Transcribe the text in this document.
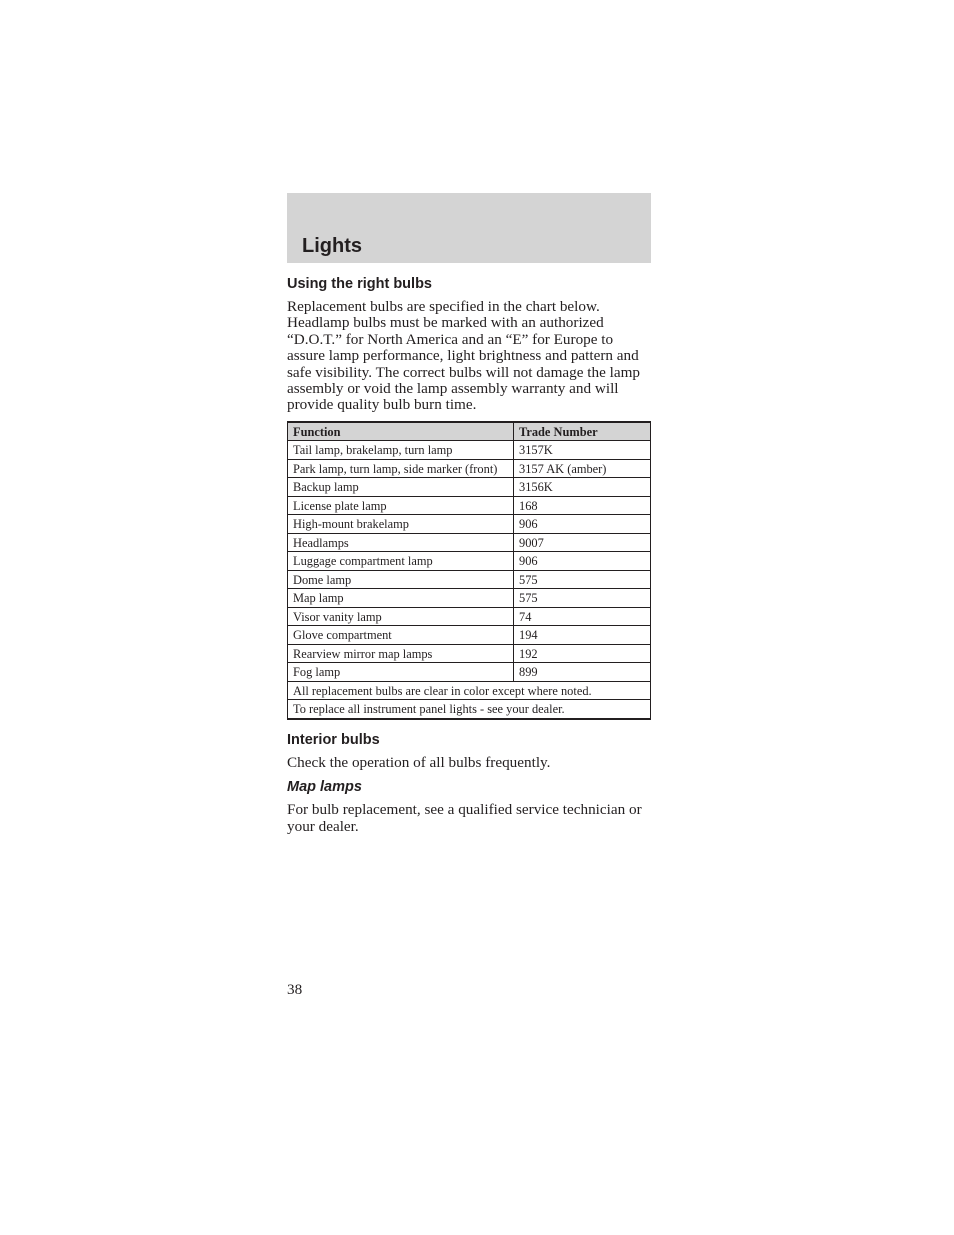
Lights
Using the right bulbs

Replacement bulbs are specified in the chart below. Headlamp bulbs must be marked with an authorized “D.O.T.” for North America and an “E” for Europe to assure lamp performance, light brightness and pattern and safe visibility. The correct bulbs will not damage the lamp assembly or void the lamp assembly warranty and will provide quality bulb burn time.

Function	Trade Number
Tail lamp, brakelamp, turn lamp	3157K
Park lamp, turn lamp, side marker (front)	3157 AK (amber)
Backup lamp	3156K
License plate lamp	168
High-mount brakelamp	906
Headlamps	9007
Luggage compartment lamp	906
Dome lamp	575
Map lamp	575
Visor vanity lamp	74
Glove compartment	194
Rearview mirror map lamps	192
Fog lamp	899
All replacement bulbs are clear in color except where noted.	
To replace all instrument panel lights - see your dealer.	
Interior bulbs

Check the operation of all bulbs frequently.

Map lamps

For bulb replacement, see a qualified service technician or your dealer.

38
